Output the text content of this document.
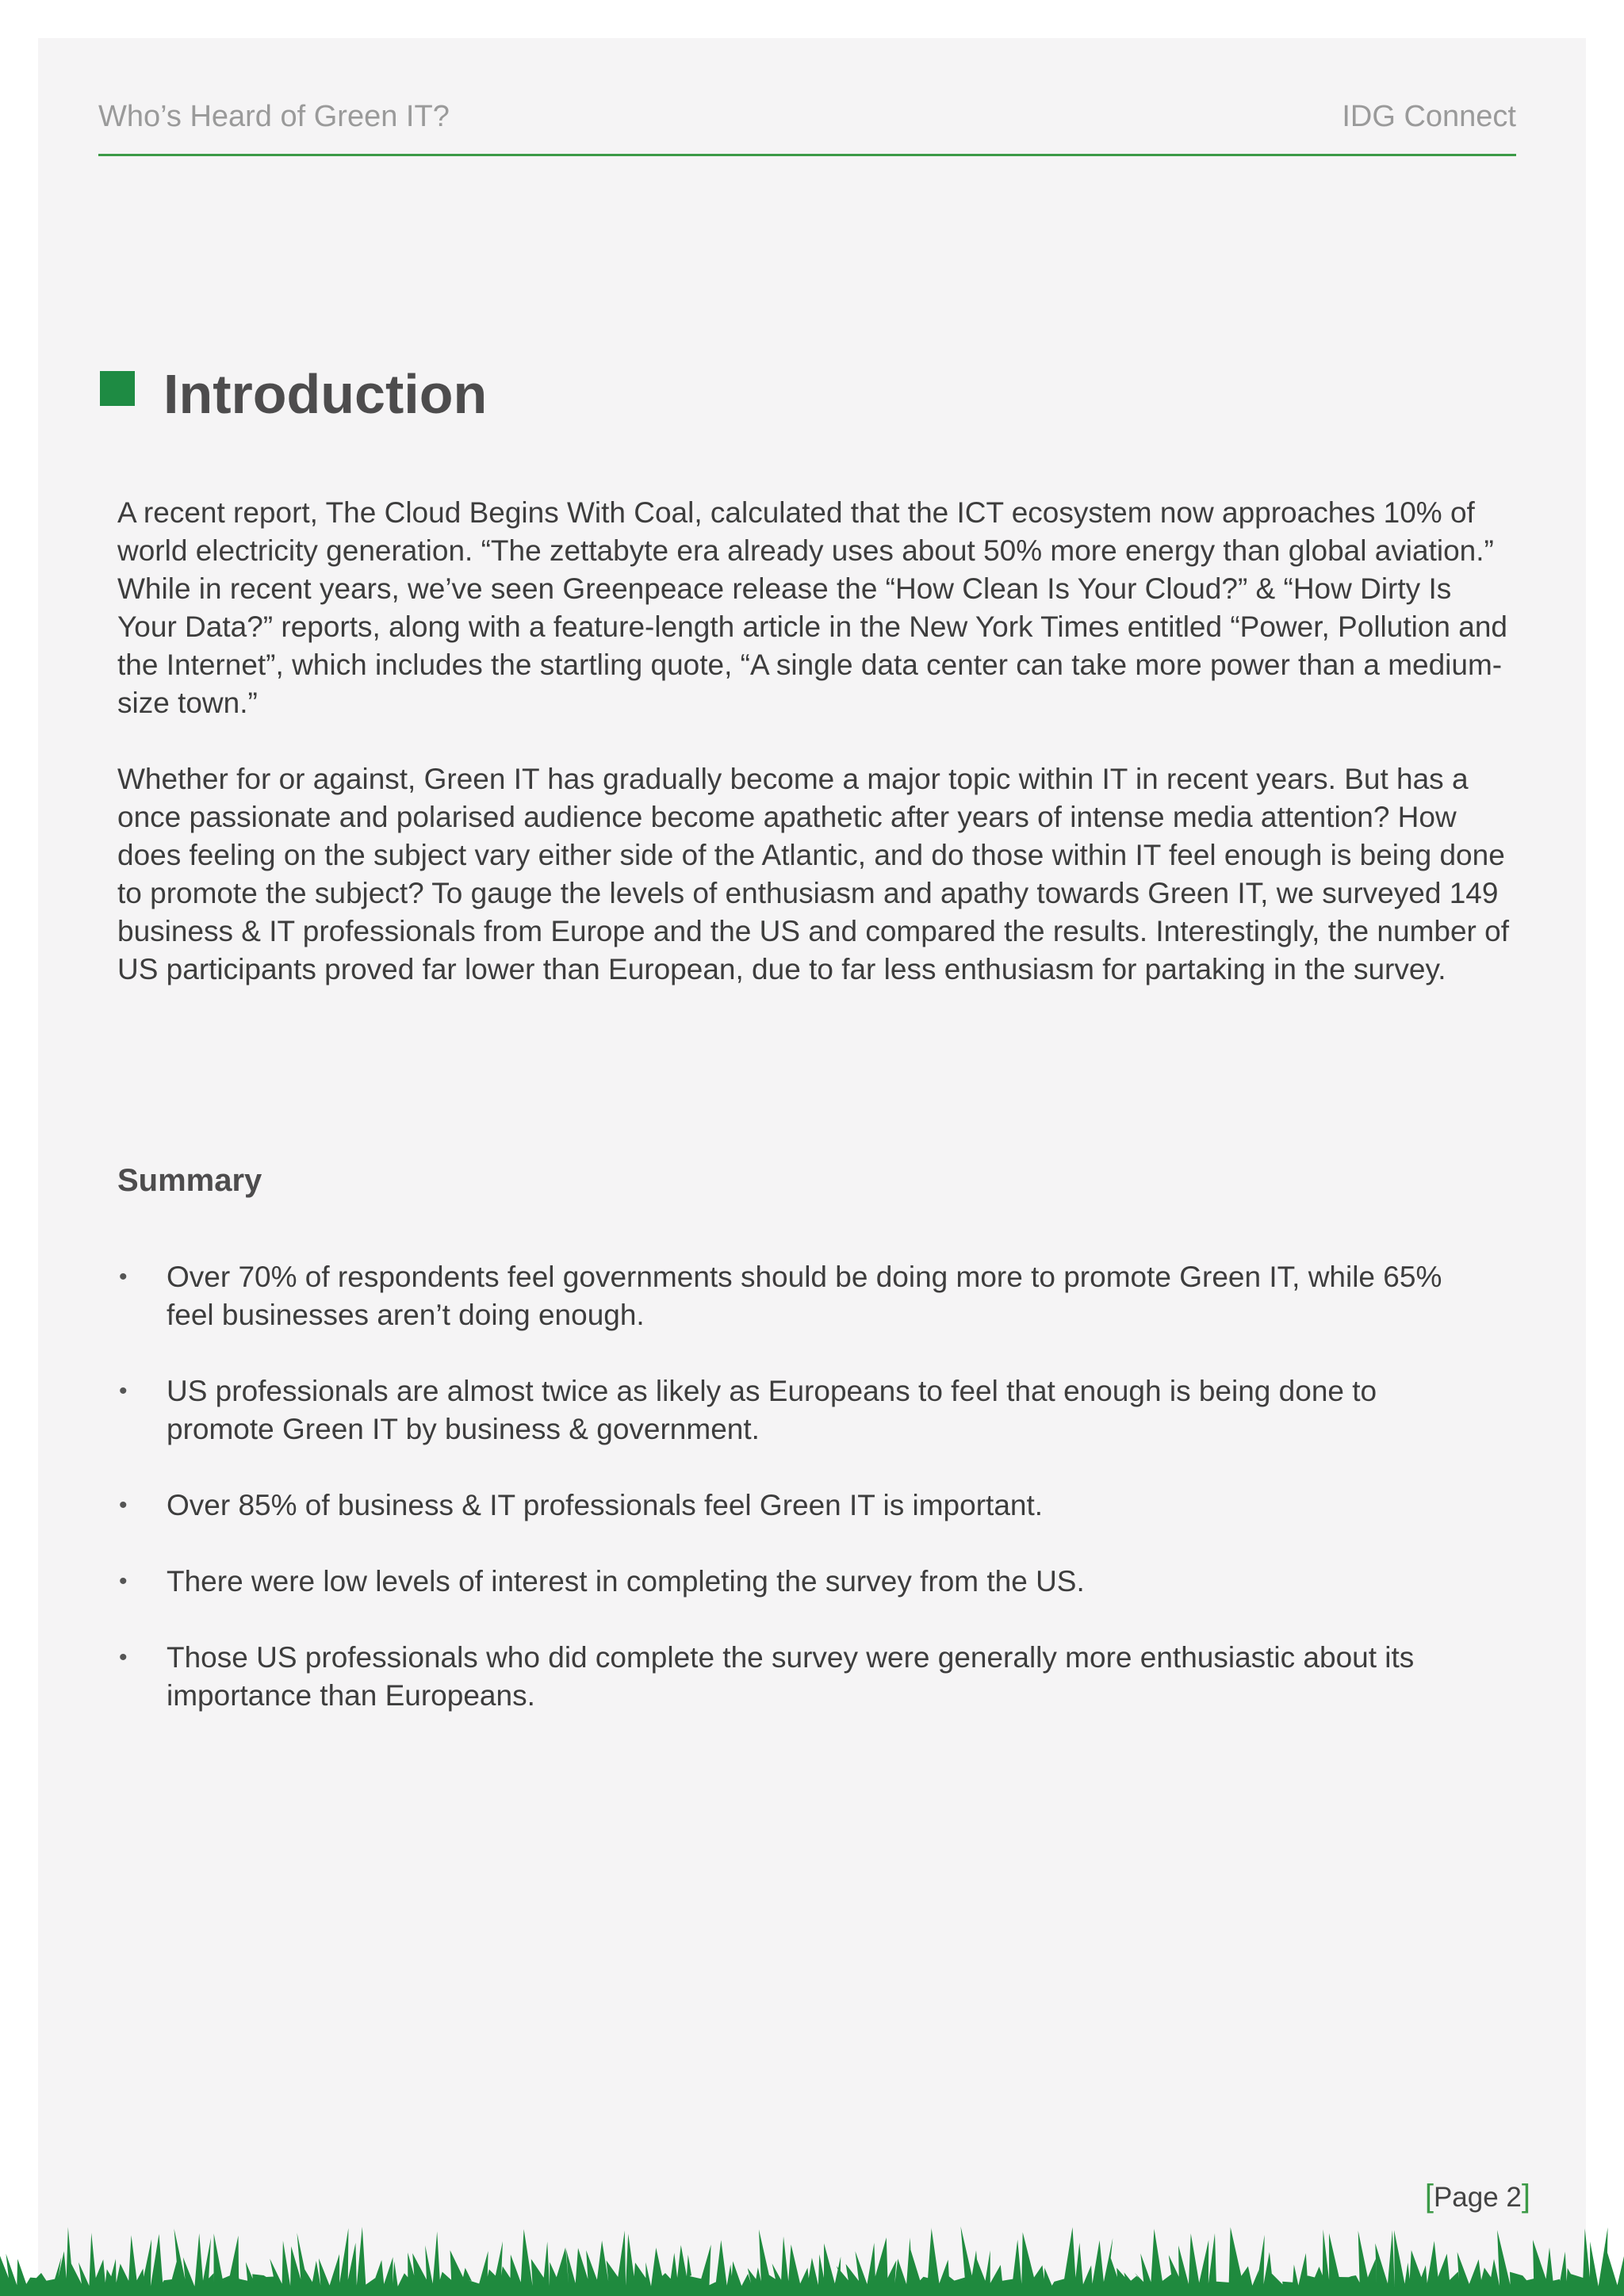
Who’s Heard of Green IT?	IDG Connect
Introduction

A recent report, The Cloud Begins With Coal, calculated that the ICT ecosystem now approaches 10% of world electricity generation. “The zettabyte era already uses about 50% more energy than global aviation.” While in recent years, we’ve seen Greenpeace release the “How Clean Is Your Cloud?” & “How Dirty Is Your Data?” reports, along with a feature-length article in the New York Times entitled “Power, Pollution and the Internet”, which includes the startling quote, “A single data center can take more power than a medium-size town.”

Whether for or against, Green IT has gradually become a major topic within IT in recent years. But has a once passionate and polarised audience become apathetic after years of intense media attention? How does feeling on the subject vary either side of the Atlantic, and do those within IT feel enough is being done to promote the subject? To gauge the levels of enthusiasm and apathy towards Green IT, we surveyed 149 business & IT professionals from Europe and the US and compared the results. Interestingly, the number of US participants proved far lower than European, due to far less enthusiasm for partaking in the survey.

Summary
• Over 70% of respondents feel governments should be doing more to promote Green IT, while 65% feel businesses aren’t doing enough.
• US professionals are almost twice as likely as Europeans to feel that enough is being done to promote Green IT by business & government.
• Over 85% of business & IT professionals feel Green IT is important.
• There were low levels of interest in completing the survey from the US.
• Those US professionals who did complete the survey were generally more enthusiastic about its importance than Europeans.
[Page 2]
